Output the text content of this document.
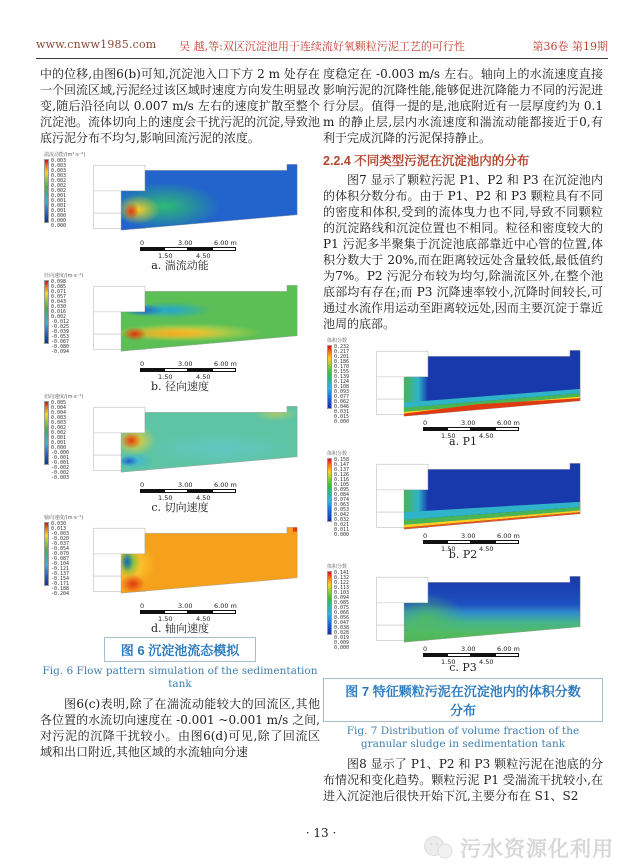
www.cnww1985.com 吴 越,等:双区沉淀池用于连续流好氧颗粒污泥工艺的可行性	第36卷 第19期

中的位移,由图6(b)可知,沉淀池入口下方 2 m 处存在一个回流区域,污泥经过该区域时速度方向发生明显改变,随后沿径向以 0.007 m/s 左右的速度扩散至整个沉淀池。流体切向上的速度会干扰污泥的沉淀,导致池底污泥分布不均匀,影响回流污泥的浓度。

湍流动能/(m²·s⁻²)
0.003
0.003
0.003
0.003
0.002
0.002
0.002
0.001
0.001
0.001
0.001
0.000
0.000
0.000
0	3.00	6.00 m
1.50	4.50
a. 湍流动能
径向速度/(m·s⁻¹)
0.098
0.085
0.071
0.057
0.043
0.030
0.016
0.002
-0.012
-0.025
-0.039
-0.053
-0.067
-0.080
-0.094
0	3.00	6.00 m
1.50	4.50
b. 径向速度
切向速度/(m·s⁻¹)
0.005
0.004
0.004
0.003
0.003
0.002
0.002
0.001
0.001
0.000
-0.000
-0.001
-0.001
-0.002
-0.002
-0.003
0	3.00	6.00 m
1.50	4.50
c. 切向速度
轴向速度/(m·s⁻¹)
0.030
0.013
-0.003
-0.020
-0.037
-0.054
-0.070
-0.087
-0.104
-0.121
-0.137
-0.154
-0.171
-0.188
-0.204
0	3.00	6.00 m
1.50	4.50
d. 轴向速度
图 6 沉淀池流态模拟
Fig. 6 Flow pattern simulation of the sedimentation tank

图6(c)表明,除了在湍流动能较大的回流区,其他各位置的水流切向速度在 -0.001 ~0.001 m/s 之间,对污泥的沉降干扰较小。由图6(d)可见,除了回流区域和出口附近,其他区域的水流轴向分速

度稳定在 -0.003 m/s 左右。轴向上的水流速度直接影响污泥的沉降性能,能够促进沉降能力不同的污泥进行分层。值得一提的是,池底附近有一层厚度约为 0.1 m 的静止层,层内水流速度和湍流动能都接近于0,有利于完成沉降的污泥保持静止。

2.2.4 不同类型污泥在沉淀池内的分布

图7 显示了颗粒污泥 P1、P2 和 P3 在沉淀池内的体积分数分布。由于 P1、P2 和 P3 颗粒具有不同的密度和体积,受到的流体曳力也不同,导致不同颗粒的沉淀路线和沉淀位置也不相同。粒径和密度较大的 P1 污泥多半聚集于沉淀池底部靠近中心管的位置,体积分数大于 20%,而在距离较远处含量较低,最低值约为7%。P2 污泥分布较为均匀,除湍流区外,在整个池底部均有存在;而 P3 沉降速率较小,沉降时间较长,可通过水流作用运动至距离较远处,因而主要沉淀于靠近池周的底部。

体积分数
0.232
0.217
0.201
0.186
0.170
0.155
0.139
0.124
0.108
0.093
0.077
0.062
0.046
0.031
0.015
0.000	0	3.00	6.00 m
1.50	4.50
a. P1
体积分数
0.158
0.147
0.137
0.126
0.116
0.105
0.095
0.084
0.074
0.063
0.053
0.042
0.032
0.021
0.011
0.000	0	3.00	6.00 m
1.50	4.50
b. P2
体积分数
0.141
0.132
0.122
0.113
0.103
0.094
0.085
0.075
0.066
0.056
0.047
0.038
0.028
0.019
0.009
0.000	0	3.00	6.00 m
1.50	4.50
c. P3
图 7 特征颗粒污泥在沉淀池内的体积分数分布
Fig. 7 Distribution of volume fraction of the granular sludge in sedimentation tank

图8 显示了 P1、P2 和 P3 颗粒污泥在池底的分布情况和变化趋势。颗粒污泥 P1 受湍流干扰较小,在进入沉淀池后很快开始下沉,主要分布在 S1、S2

· 13 ·
污水资源化利用
